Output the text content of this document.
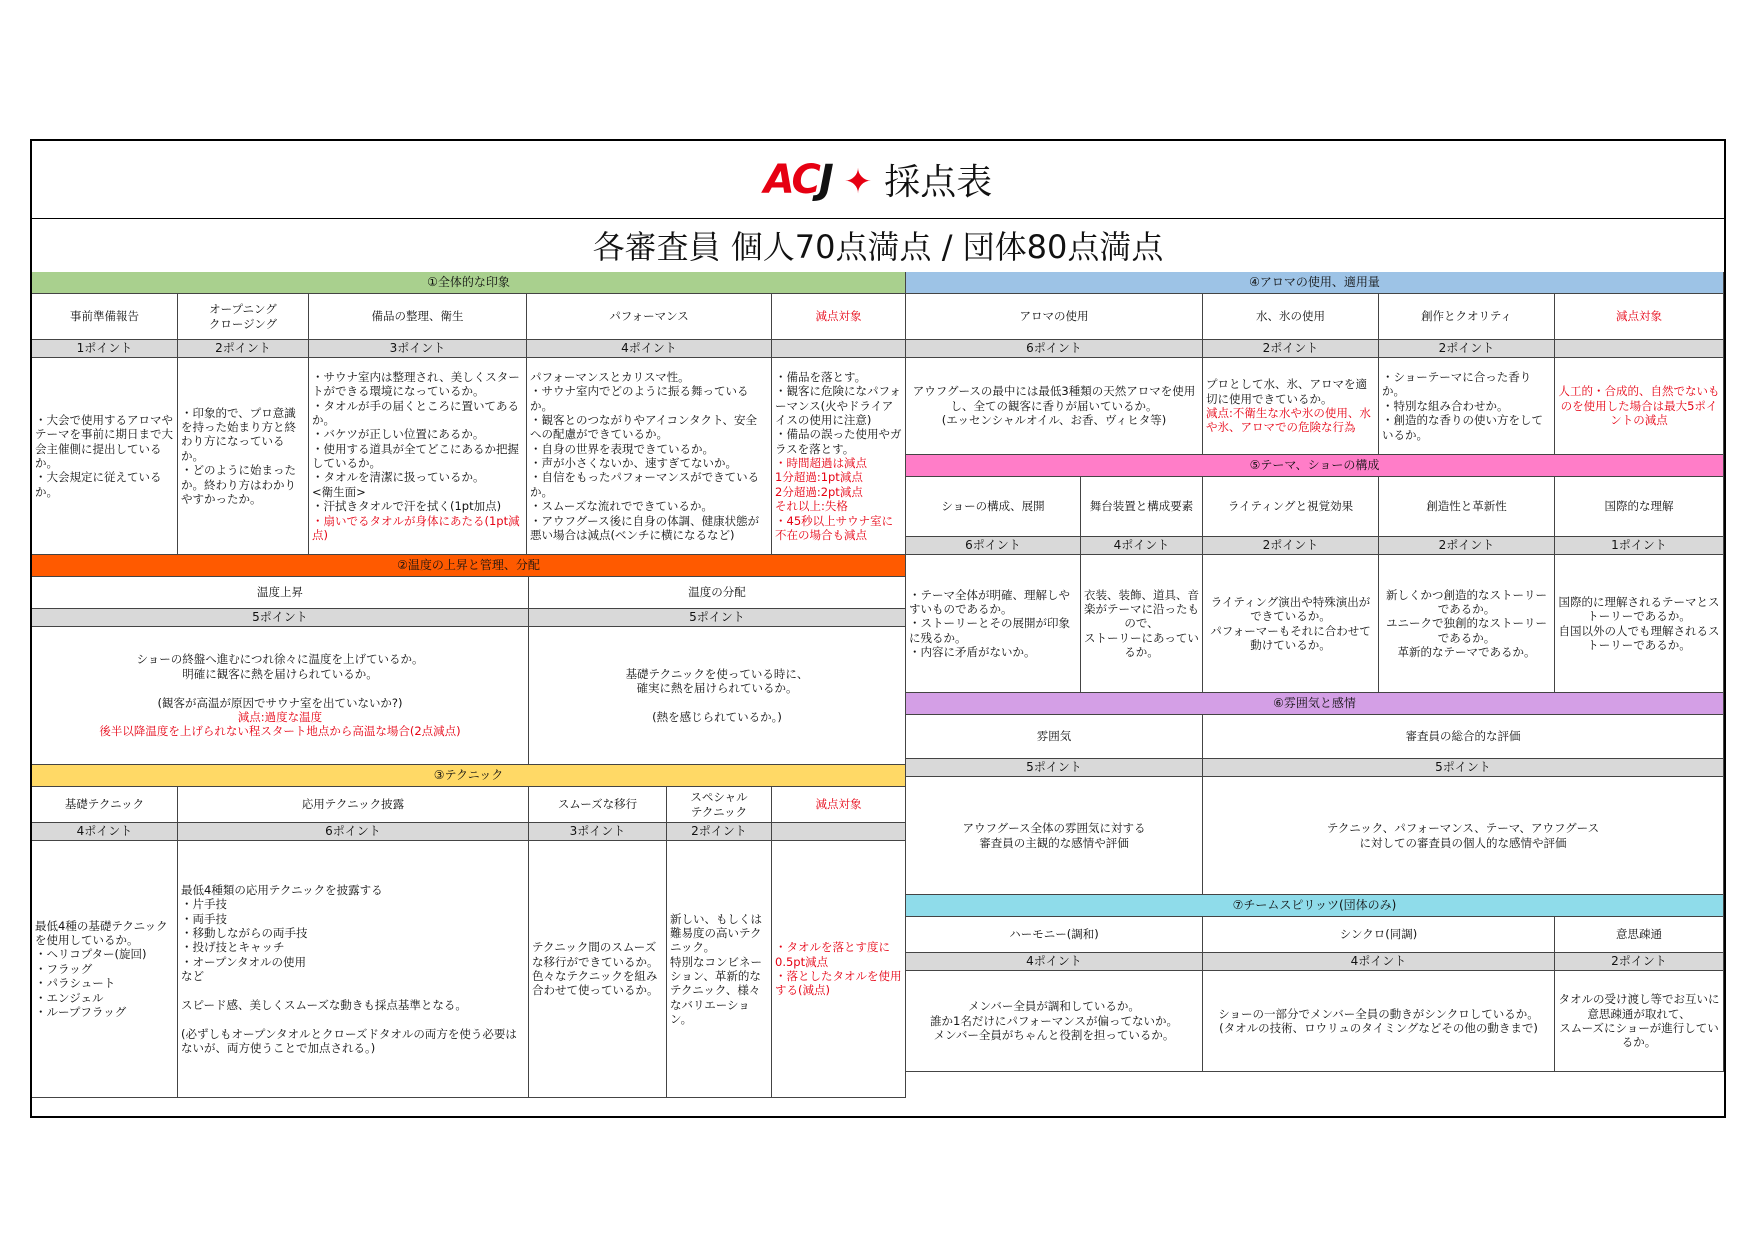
ACJ ✦ 採点表
各審査員 個人70点満点 / 団体80点満点
①全体的な印象
事前準備報告
1ポイント
・大会で使用するアロマやテーマを事前に期日まで大会主催側に提出しているか。
・大会規定に従えているか。
オープニング
クロージング
2ポイント
・印象的で、プロ意識を持った始まり方と終わり方になっている
か。
・どのように始まったか。終わり方はわかりやすかったか。
備品の整理、衛生
3ポイント
・サウナ室内は整理され、美しくスタートができる環境になっているか。
・タオルが手の届くところに置いてあるか。
・バケツが正しい位置にあるか。
・使用する道具が全てどこにあるか把握しているか。
・タオルを清潔に扱っているか。
<衛生面>
・汗拭きタオルで汗を拭く(1pt加点)
・扇いでるタオルが身体にあたる(1pt減点)
パフォーマンス
4ポイント
パフォーマンスとカリスマ性。
・サウナ室内でどのように振る舞っているか。
・観客とのつながりやアイコンタクト、安全への配慮ができているか。
・自身の世界を表現できているか。
・声が小さくないか、速すぎてないか。
・自信をもったパフォーマンスができているか。
・スムーズな流れでできているか。
・アウフグース後に自身の体調、健康状態が悪い場合は減点(ベンチに横になるなど)
減点対象
・備品を落とす。
・観客に危険になパフォーマンス(火やドライアイスの使用に注意)
・備品の誤った使用やガラスを落とす。
・時間超過は減点
1分超過:1pt減点
2分超過:2pt減点
それ以上:失格
・45秒以上サウナ室に不在の場合も減点
②温度の上昇と管理、分配
温度上昇
5ポイント
ショーの終盤へ進むにつれ徐々に温度を上げているか。
明確に観客に熱を届けられているか。

(観客が高温が原因でサウナ室を出ていないか?)
減点:過度な温度
後半以降温度を上げられない程スタート地点から高温な場合(2点減点)
温度の分配
5ポイント
基礎テクニックを使っている時に、
確実に熱を届けられているか。

(熱を感じられているか。)
③テクニック
基礎テクニック
4ポイント
最低4種の基礎テクニックを使用しているか。
・ヘリコプター(旋回)
・フラッグ
・パラシュート
・エンジェル
・ループフラッグ
応用テクニック披露
6ポイント
最低4種類の応用テクニックを披露する
・片手技
・両手技
・移動しながらの両手技
・投げ技とキャッチ
・オープンタオルの使用
など

スピード感、美しくスムーズな動きも採点基準となる。

(必ずしもオープンタオルとクローズドタオルの両方を使う必要はないが、両方使うことで加点される。)
スムーズな移行
3ポイント
テクニック間のスムーズな移行ができているか。色々なテクニックを組み合わせて使っているか。
スペシャル
テクニック
2ポイント
新しい、もしくは難易度の高いテクニック。
特別なコンビネーション、革新的なテクニック、様々なバリエーション。
減点対象
・タオルを落とす度に0.5pt減点
・落としたタオルを使用する(減点)
④アロマの使用、適用量
アロマの使用
6ポイント
アウフグースの最中には最低3種類の天然アロマを使用し、全ての観客に香りが届いているか。
(エッセンシャルオイル、お香、ヴィヒタ等)
水、氷の使用
2ポイント
プロとして水、氷、アロマを適切に使用できているか。
減点:不衛生な水や氷の使用、水や氷、アロマでの危険な行為
創作とクオリティ
2ポイント
・ショーテーマに合った香りか。
・特別な組み合わせか。
・創造的な香りの使い方をしているか。
減点対象
人工的・合成的、自然でないものを使用した場合は最大5ポイントの減点
⑤テーマ、ショーの構成
ショーの構成、展開
6ポイント
・テーマ全体が明確、理解しやすいものであるか。
・ストーリーとその展開が印象に残るか。
・内容に矛盾がないか。
舞台装置と構成要素
4ポイント
衣装、装飾、道具、音楽がテーマに沿ったもので、
ストーリーにあっているか。
ライティングと視覚効果
2ポイント
ライティング演出や特殊演出ができているか。
パフォーマーもそれに合わせて動けているか。
創造性と革新性
2ポイント
新しくかつ創造的なストーリーであるか。
ユニークで独創的なストーリーであるか。
革新的なテーマであるか。
国際的な理解
1ポイント
国際的に理解されるテーマとストーリーであるか。
自国以外の人でも理解されるストーリーであるか。
⑥雰囲気と感情
雰囲気
5ポイント
アウフグース全体の雰囲気に対する
審査員の主観的な感情や評価
審査員の総合的な評価
5ポイント
テクニック、パフォーマンス、テーマ、アウフグース
に対しての審査員の個人的な感情や評価
⑦チームスピリッツ(団体のみ)
ハーモニー(調和)
4ポイント
メンバー全員が調和しているか。
誰か1名だけにパフォーマンスが偏ってないか。
メンバー全員がちゃんと役割を担っているか。
シンクロ(同調)
4ポイント
ショーの一部分でメンバー全員の動きがシンクロしているか。
(タオルの技術、ロウリュのタイミングなどその他の動きまで)
意思疎通
2ポイント
タオルの受け渡し等でお互いに意思疎通が取れて、
スムーズにショーが進行しているか。
